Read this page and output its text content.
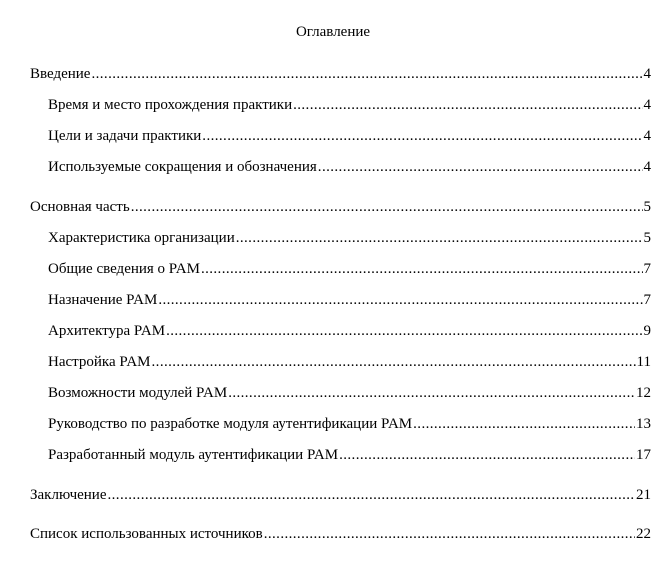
Оглавление
Введение .....	4
Время и место прохождения практики .....	4
Цели и задачи практики .....	4
Используемые сокращения и обозначения .....	4
Основная часть .....	5
Характеристика организации .....	5
Общие сведения о PAM .....	7
Назначение PAM .....	7
Архитектура PAM .....	9
Настройка PAM .....	11
Возможности модулей PAM .....	12
Руководство по разработке модуля аутентификации PAM .....	13
Разработанный модуль аутентификации PAM .....	17
Заключение .....	21
Список использованных источников .....	22
